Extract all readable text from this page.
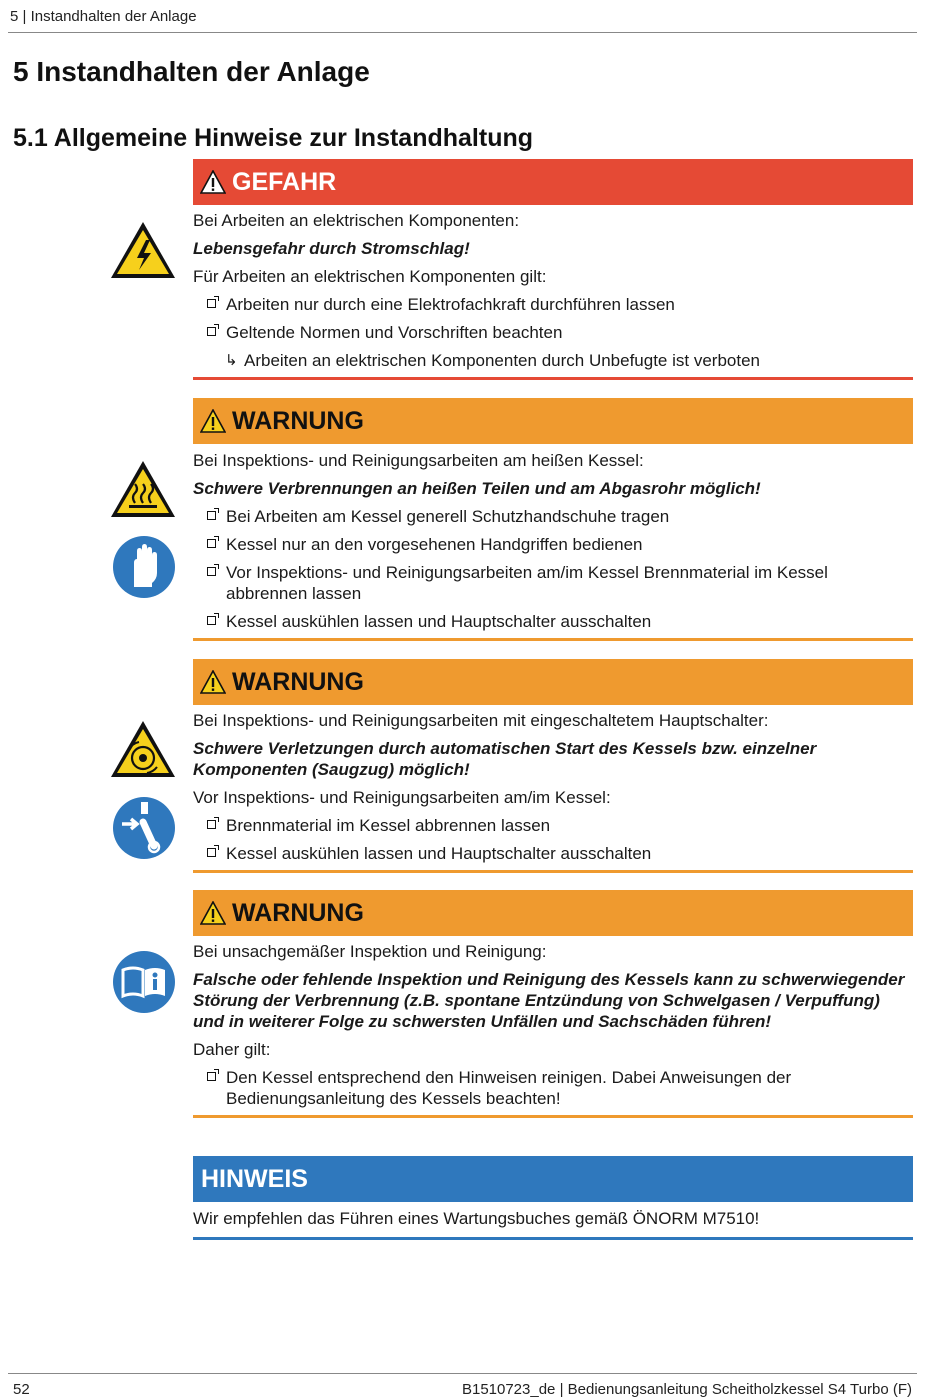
5 | Instandhalten der Anlage
5 Instandhalten der Anlage
5.1 Allgemeine Hinweise zur Instandhaltung
GEFAHR
Bei Arbeiten an elektrischen Komponenten:
Lebensgefahr durch Stromschlag!
Für Arbeiten an elektrischen Komponenten gilt:
Arbeiten nur durch eine Elektrofachkraft durchführen lassen
Geltende Normen und Vorschriften beachten
↳ Arbeiten an elektrischen Komponenten durch Unbefugte ist verboten
WARNUNG
Bei Inspektions- und Reinigungsarbeiten am heißen Kessel:
Schwere Verbrennungen an heißen Teilen und am Abgasrohr möglich!
Bei Arbeiten am Kessel generell Schutzhandschuhe tragen
Kessel nur an den vorgesehenen Handgriffen bedienen
Vor Inspektions- und Reinigungsarbeiten am/im Kessel Brennmaterial im Kessel abbrennen lassen
Kessel auskühlen lassen und Hauptschalter ausschalten
WARNUNG
Bei Inspektions- und Reinigungsarbeiten mit eingeschaltetem Hauptschalter:
Schwere Verletzungen durch automatischen Start des Kessels bzw. einzelner Komponenten (Saugzug) möglich!
Vor Inspektions- und Reinigungsarbeiten am/im Kessel:
Brennmaterial im Kessel abbrennen lassen
Kessel auskühlen lassen und Hauptschalter ausschalten
WARNUNG
Bei unsachgemäßer Inspektion und Reinigung:
Falsche oder fehlende Inspektion und Reinigung des Kessels kann zu schwerwiegender Störung der Verbrennung (z.B. spontane Entzündung von Schwelgasen / Verpuffung) und in weiterer Folge zu schwersten Unfällen und Sachschäden führen!
Daher gilt:
Den Kessel entsprechend den Hinweisen reinigen. Dabei Anweisungen der Bedienungsanleitung des Kessels beachten!
HINWEIS
Wir empfehlen das Führen eines Wartungsbuches gemäß ÖNORM M7510!
52	B1510723_de | Bedienungsanleitung Scheitholzkessel S4 Turbo (F)
